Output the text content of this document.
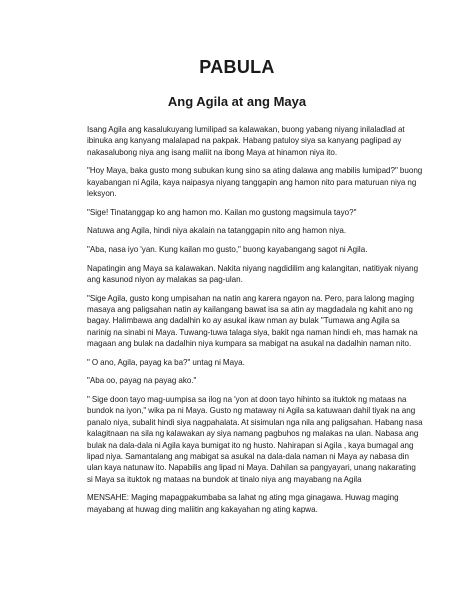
PABULA
Ang Agila at ang Maya

Isang Agila ang kasalukuyang lumilipad sa kalawakan, buong yabang niyang inilaladlad at ibinuka ang kanyang malalapad na pakpak. Habang patuloy siya sa kanyang paglipad ay nakasalubong niya ang isang maliit na ibong Maya at hinamon niya ito.

"Hoy Maya, baka gusto mong subukan kung sino sa ating dalawa ang mabilis lumipad?" buong kayabangan ni Agila, kaya naipasya niyang tanggapin ang hamon nito para maturuan niya ng leksyon.

"Sige! Tinatanggap ko ang hamon mo. Kailan mo gustong magsimula tayo?"

Natuwa ang Agila, hindi niya akalain na tatanggapin nito ang hamon niya.

"Aba, nasa iyo 'yan. Kung kailan mo gusto," buong kayabangang sagot ni Agila.

Napatingin ang Maya sa kalawakan. Nakita niyang nagdidilim ang kalangitan, natitiyak niyang ang kasunod niyon ay malakas sa pag-ulan.

"Sige Agila, gusto kong umpisahan na natin ang karera ngayon na. Pero, para lalong maging masaya ang paligsahan natin ay kailangang bawat isa sa atin ay magdadala ng kahit ano ng bagay. Halimbawa ang dadalhin ko ay asukal ikaw nman ay bulak "Tumawa ang Agila sa narinig na sinabi ni Maya. Tuwang-tuwa talaga siya, bakit nga naman hindi eh, mas hamak na magaan ang bulak na dadalhin niya kumpara sa mabigat na asukal na dadalhin naman nito.

" O ano, Agila, payag ka ba?" untag ni Maya.

"Aba oo, payag na payag ako."

" Sige doon tayo mag-uumpisa sa ilog na 'yon at doon tayo hihinto sa ituktok ng mataas na bundok na iyon," wika pa ni Maya. Gusto ng mataway ni Agila sa katuwaan dahil tiyak na ang panalo niya, subalit hindi siya nagpahalata. At sisimulan nga nila ang paligsahan. Habang nasa kalagitnaan na sila ng kalawakan ay siya namang pagbuhos ng malakas na ulan. Nabasa ang bulak na dala-dala ni Agila kaya bumigat ito ng husto. Nahirapan si Agila , kaya bumagal ang lipad niya. Samantalang ang mabigat sa asukal na dala-dala naman ni Maya ay nabasa din ulan kaya natunaw ito. Napabilis ang lipad ni Maya. Dahilan sa pangyayari, unang nakarating si Maya sa ituktok ng mataas na bundok at tinalo niya ang mayabang na Agila

MENSAHE: Maging mapagpakumbaba sa lahat ng ating mga ginagawa. Huwag maging mayabang at huwag ding maliitin ang kakayahan ng ating kapwa.
